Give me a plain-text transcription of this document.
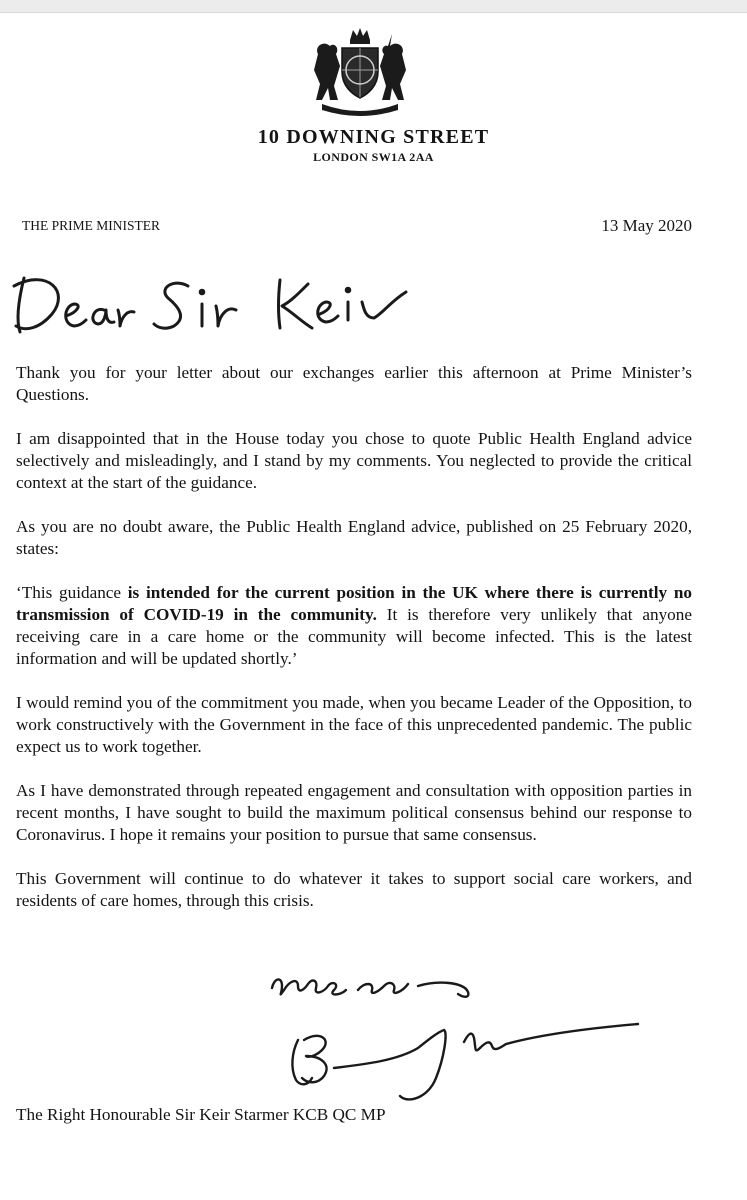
10 DOWNING STREET
LONDON SW1A 2AA
THE PRIME MINISTER	13 May 2020

Thank you for your letter about our exchanges earlier this afternoon at Prime Minister’s Questions.

I am disappointed that in the House today you chose to quote Public Health England advice selectively and misleadingly, and I stand by my comments. You neglected to provide the critical context at the start of the guidance.

As you are no doubt aware, the Public Health England advice, published on 25 February 2020, states:

‘This guidance is intended for the current position in the UK where there is currently no transmission of COVID-19 in the community. It is therefore very unlikely that anyone receiving care in a care home or the community will become infected. This is the latest information and will be updated shortly.’

I would remind you of the commitment you made, when you became Leader of the Opposition, to work constructively with the Government in the face of this unprecedented pandemic. The public expect us to work together.

As I have demonstrated through repeated engagement and consultation with opposition parties in recent months, I have sought to build the maximum political consensus behind our response to Coronavirus. I hope it remains your position to pursue that same consensus.

This Government will continue to do whatever it takes to support social care workers, and residents of care homes, through this crisis.

The Right Honourable Sir Keir Starmer KCB QC MP
